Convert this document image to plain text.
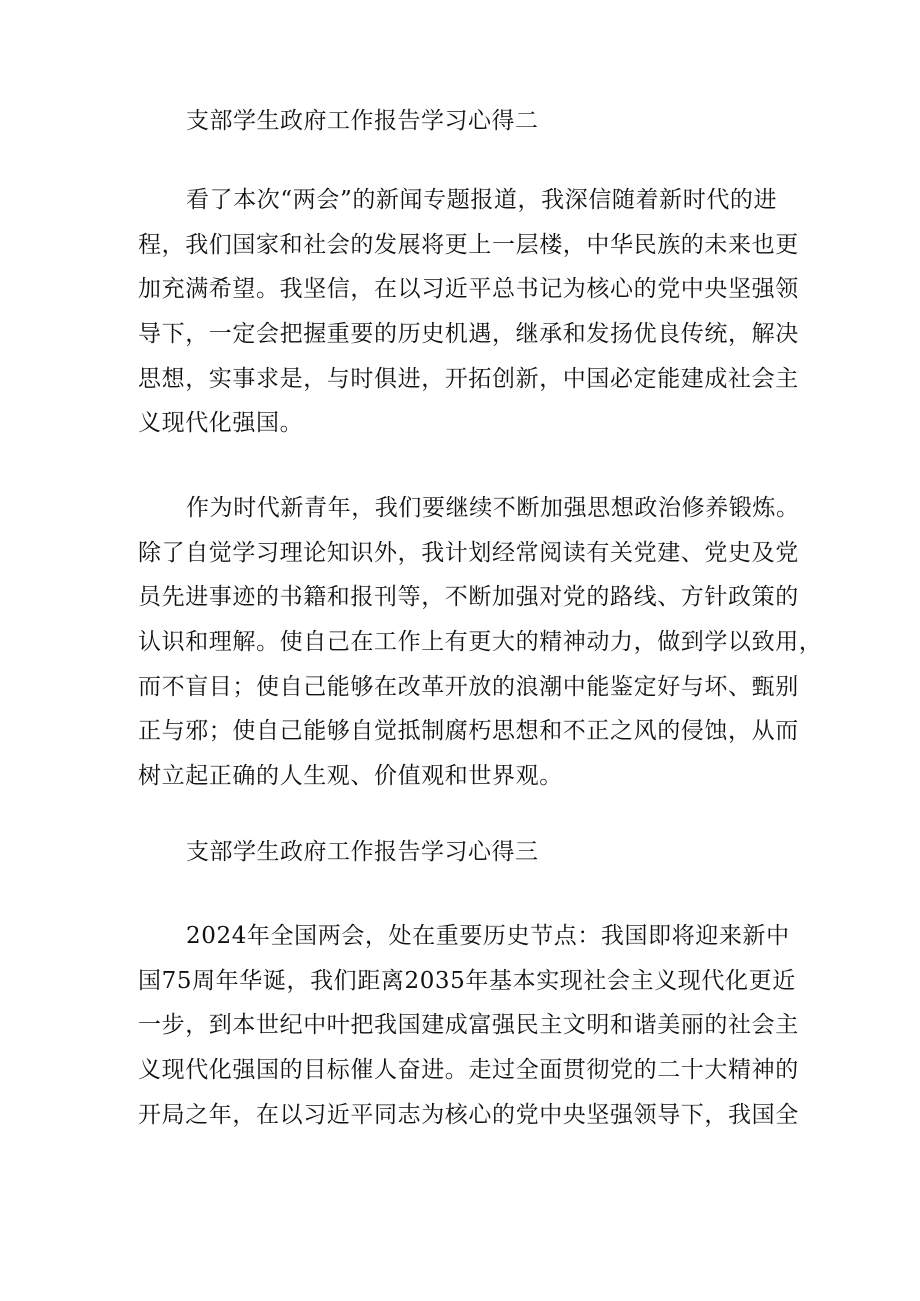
支部学生政府工作报告学习心得二
看了本次“两会”的新闻专题报道，我深信随着新时代的进
程，我们国家和社会的发展将更上一层楼，中华民族的未来也更
加充满希望。我坚信，在以习近平总书记为核心的党中央坚强领
导下，一定会把握重要的历史机遇，继承和发扬优良传统，解决
思想，实事求是，与时俱进，开拓创新，中国必定能建成社会主
义现代化强国。
作为时代新青年，我们要继续不断加强思想政治修养锻炼。
除了自觉学习理论知识外，我计划经常阅读有关党建、党史及党
员先进事迹的书籍和报刊等，不断加强对党的路线、方针政策的
认识和理解。使自己在工作上有更大的精神动力，做到学以致用，
而不盲目；使自己能够在改革开放的浪潮中能鉴定好与坏、甄别
正与邪；使自己能够自觉抵制腐朽思想和不正之风的侵蚀，从而
树立起正确的人生观、价值观和世界观。
支部学生政府工作报告学习心得三
2024年全国两会，处在重要历史节点：我国即将迎来新中
国75周年华诞，我们距离2035年基本实现社会主义现代化更近
一步，到本世纪中叶把我国建成富强民主文明和谐美丽的社会主
义现代化强国的目标催人奋进。走过全面贯彻党的二十大精神的
开局之年，在以习近平同志为核心的党中央坚强领导下，我国全
